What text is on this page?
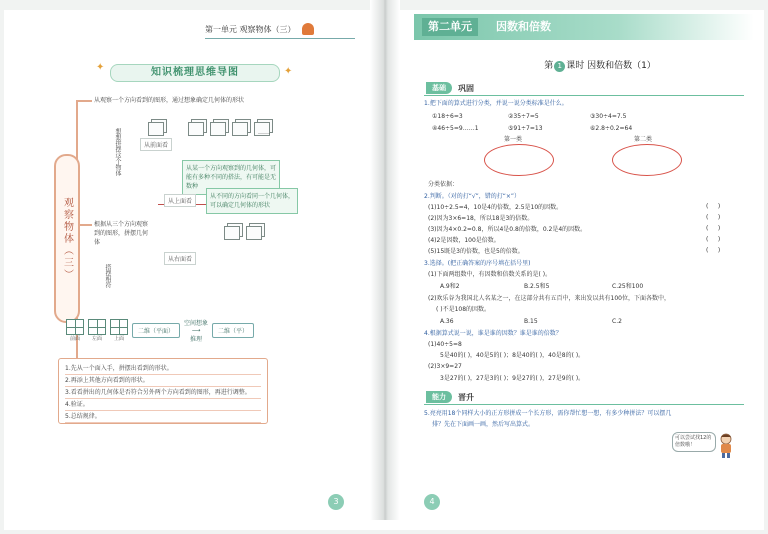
第一单元 观察物体（三）
✦	✦
知识梳理思维导图
观察物体（三）
从观察一个方向看到的图形，通过想象确定几何体的形状
想想拼摆这个物体	从前面看
……
从某一个方向观察到的几何体，可能有多种不同的搭法，有可能是无数种
从上面看
从右面看
从不同的方向看同一个几何体，可以确定几何体的形状
根据从三个方向观察到的图形，拼摆几何体
搭摆相符
前面 左面 上面
二维（平面）
空间想象
⟶
推理
二维（平）
1.先从一个面入手，拼摆出看到的形状。
2.再添上其他方向看到的形状。
3.看看拼出的几何体是否符合另外两个方向看到的图形，再进行调整。
4.验证。
5.总结规律。
3
第二单元	因数和倍数
第 1 课时 因数和倍数（1）
基础	巩固
1.把下面的算式进行分类，并说一说分类标准是什么。
①18÷6=3	②35÷7=5	③30÷4=7.5
④46÷5=9……1	⑤91÷7=13	⑥2.8÷0.2=64
第一类	第二类
分类依据：
2.判断。（对的打“√”，错的打“×”）
(1)10÷2.5=4，10是4的倍数，2.5是10的因数。	(     )
(2)因为3×6=18，所以18是3的倍数。	(     )
(3)因为4×0.2=0.8，所以4是0.8的倍数，0.2是4的因数。	(     )
(4)2是因数，100是倍数。	(     )
(5)15既是3的倍数，也是5的倍数。	(     )
3.选择。(把正确答案的序号填在括号里)
(1)下面两组数中，有因数和倍数关系的是( )。
A.9和2	B.2.5和5	C.25和100
(2)欢乐谷为我国北人名某之一，在这部分共有五百中，来出发以共有100位，下面各数中，
( )不是108的因数。
A.36	B.15	C.2
4.根据算式说一说，谁是谁的因数？谁是谁的倍数？
(1)40÷5=8
5是40的( )，40是5的( )；8是40的( )，40是8的( )。
(2)3×9=27
3是27的( )，27是3的( )；9是27的( )，27是9的( )。
能力	晋升
5.亮亮用18个同样大小的正方形拼成一个长方形，需你帮忙想一想，有多少种拼法？可以摆几
排？先在下面画一画，然后写出算式。
可以尝试找12的倍数哦！
4
